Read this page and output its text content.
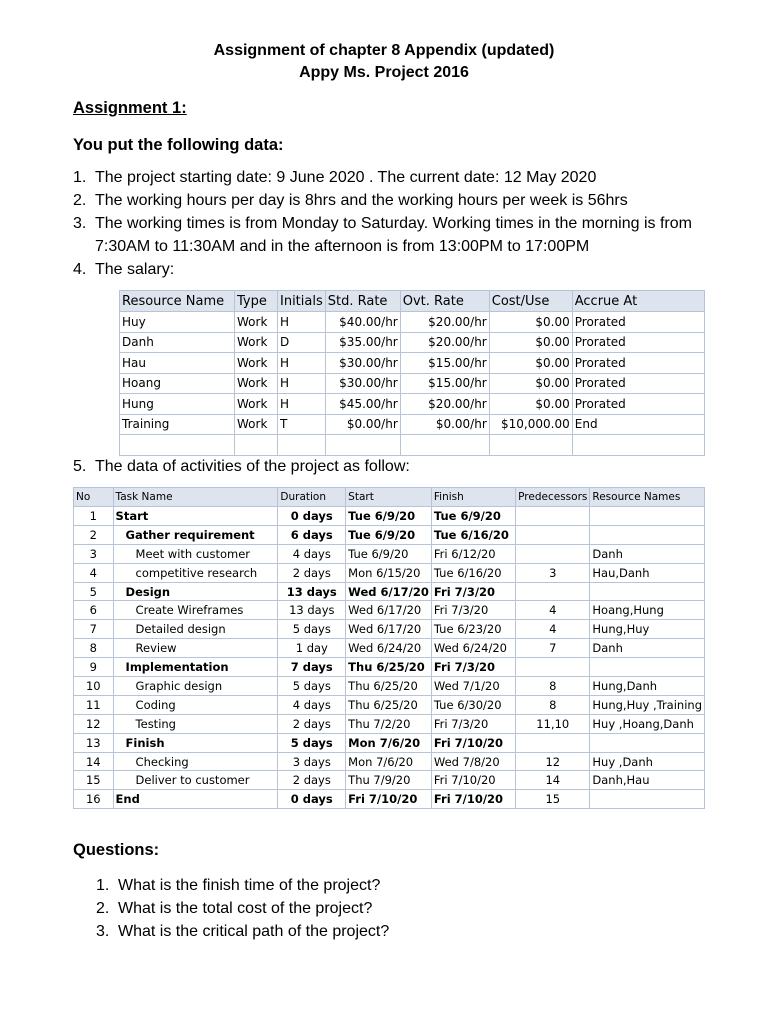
Assignment of chapter 8 Appendix (updated)
Appy Ms. Project 2016
Assignment 1:
You put the following data:
1. The project starting date: 9 June 2020 . The current date: 12 May 2020
2. The working hours per day is 8hrs and the working hours per week is 56hrs
3. The working times is from Monday to Saturday. Working times in the morning is from 7:30AM to 11:30AM and in the afternoon is from 13:00PM to 17:00PM
4. The salary:
Resource Name	Type	Initials	Std. Rate	Ovt. Rate	Cost/Use	Accrue At
Huy	Work	H	$40.00/hr	$20.00/hr	$0.00	Prorated
Danh	Work	D	$35.00/hr	$20.00/hr	$0.00	Prorated
Hau	Work	H	$30.00/hr	$15.00/hr	$0.00	Prorated
Hoang	Work	H	$30.00/hr	$15.00/hr	$0.00	Prorated
Hung	Work	H	$45.00/hr	$20.00/hr	$0.00	Prorated
Training	Work	T	$0.00/hr	$0.00/hr	$10,000.00	End

5. The data of activities of the project as follow:
No	Task Name	Duration	Start	Finish	Predecessors	Resource Names
1	Start	0 days	Tue 6/9/20	Tue 6/9/20		
2	Gather requirement	6 days	Tue 6/9/20	Tue 6/16/20		
3	Meet with customer	4 days	Tue 6/9/20	Fri 6/12/20		Danh
4	competitive research	2 days	Mon 6/15/20	Tue 6/16/20	3	Hau,Danh
5	Design	13 days	Wed 6/17/20	Fri 7/3/20		
6	Create Wireframes	13 days	Wed 6/17/20	Fri 7/3/20	4	Hoang,Hung
7	Detailed design	5 days	Wed 6/17/20	Tue 6/23/20	4	Hung,Huy
8	Review	1 day	Wed 6/24/20	Wed 6/24/20	7	Danh
9	Implementation	7 days	Thu 6/25/20	Fri 7/3/20		
10	Graphic design	5 days	Thu 6/25/20	Wed 7/1/20	8	Hung,Danh
11	Coding	4 days	Thu 6/25/20	Tue 6/30/20	8	Hung,Huy ,Training
12	Testing	2 days	Thu 7/2/20	Fri 7/3/20	11,10	Huy ,Hoang,Danh
13	Finish	5 days	Mon 7/6/20	Fri 7/10/20		
14	Checking	3 days	Mon 7/6/20	Wed 7/8/20	12	Huy ,Danh
15	Deliver to customer	2 days	Thu 7/9/20	Fri 7/10/20	14	Danh,Hau
16	End	0 days	Fri 7/10/20	Fri 7/10/20	15	
Questions:
1. What is the finish time of the project?
2. What is the total cost of the project?
3. What is the critical path of the project?
